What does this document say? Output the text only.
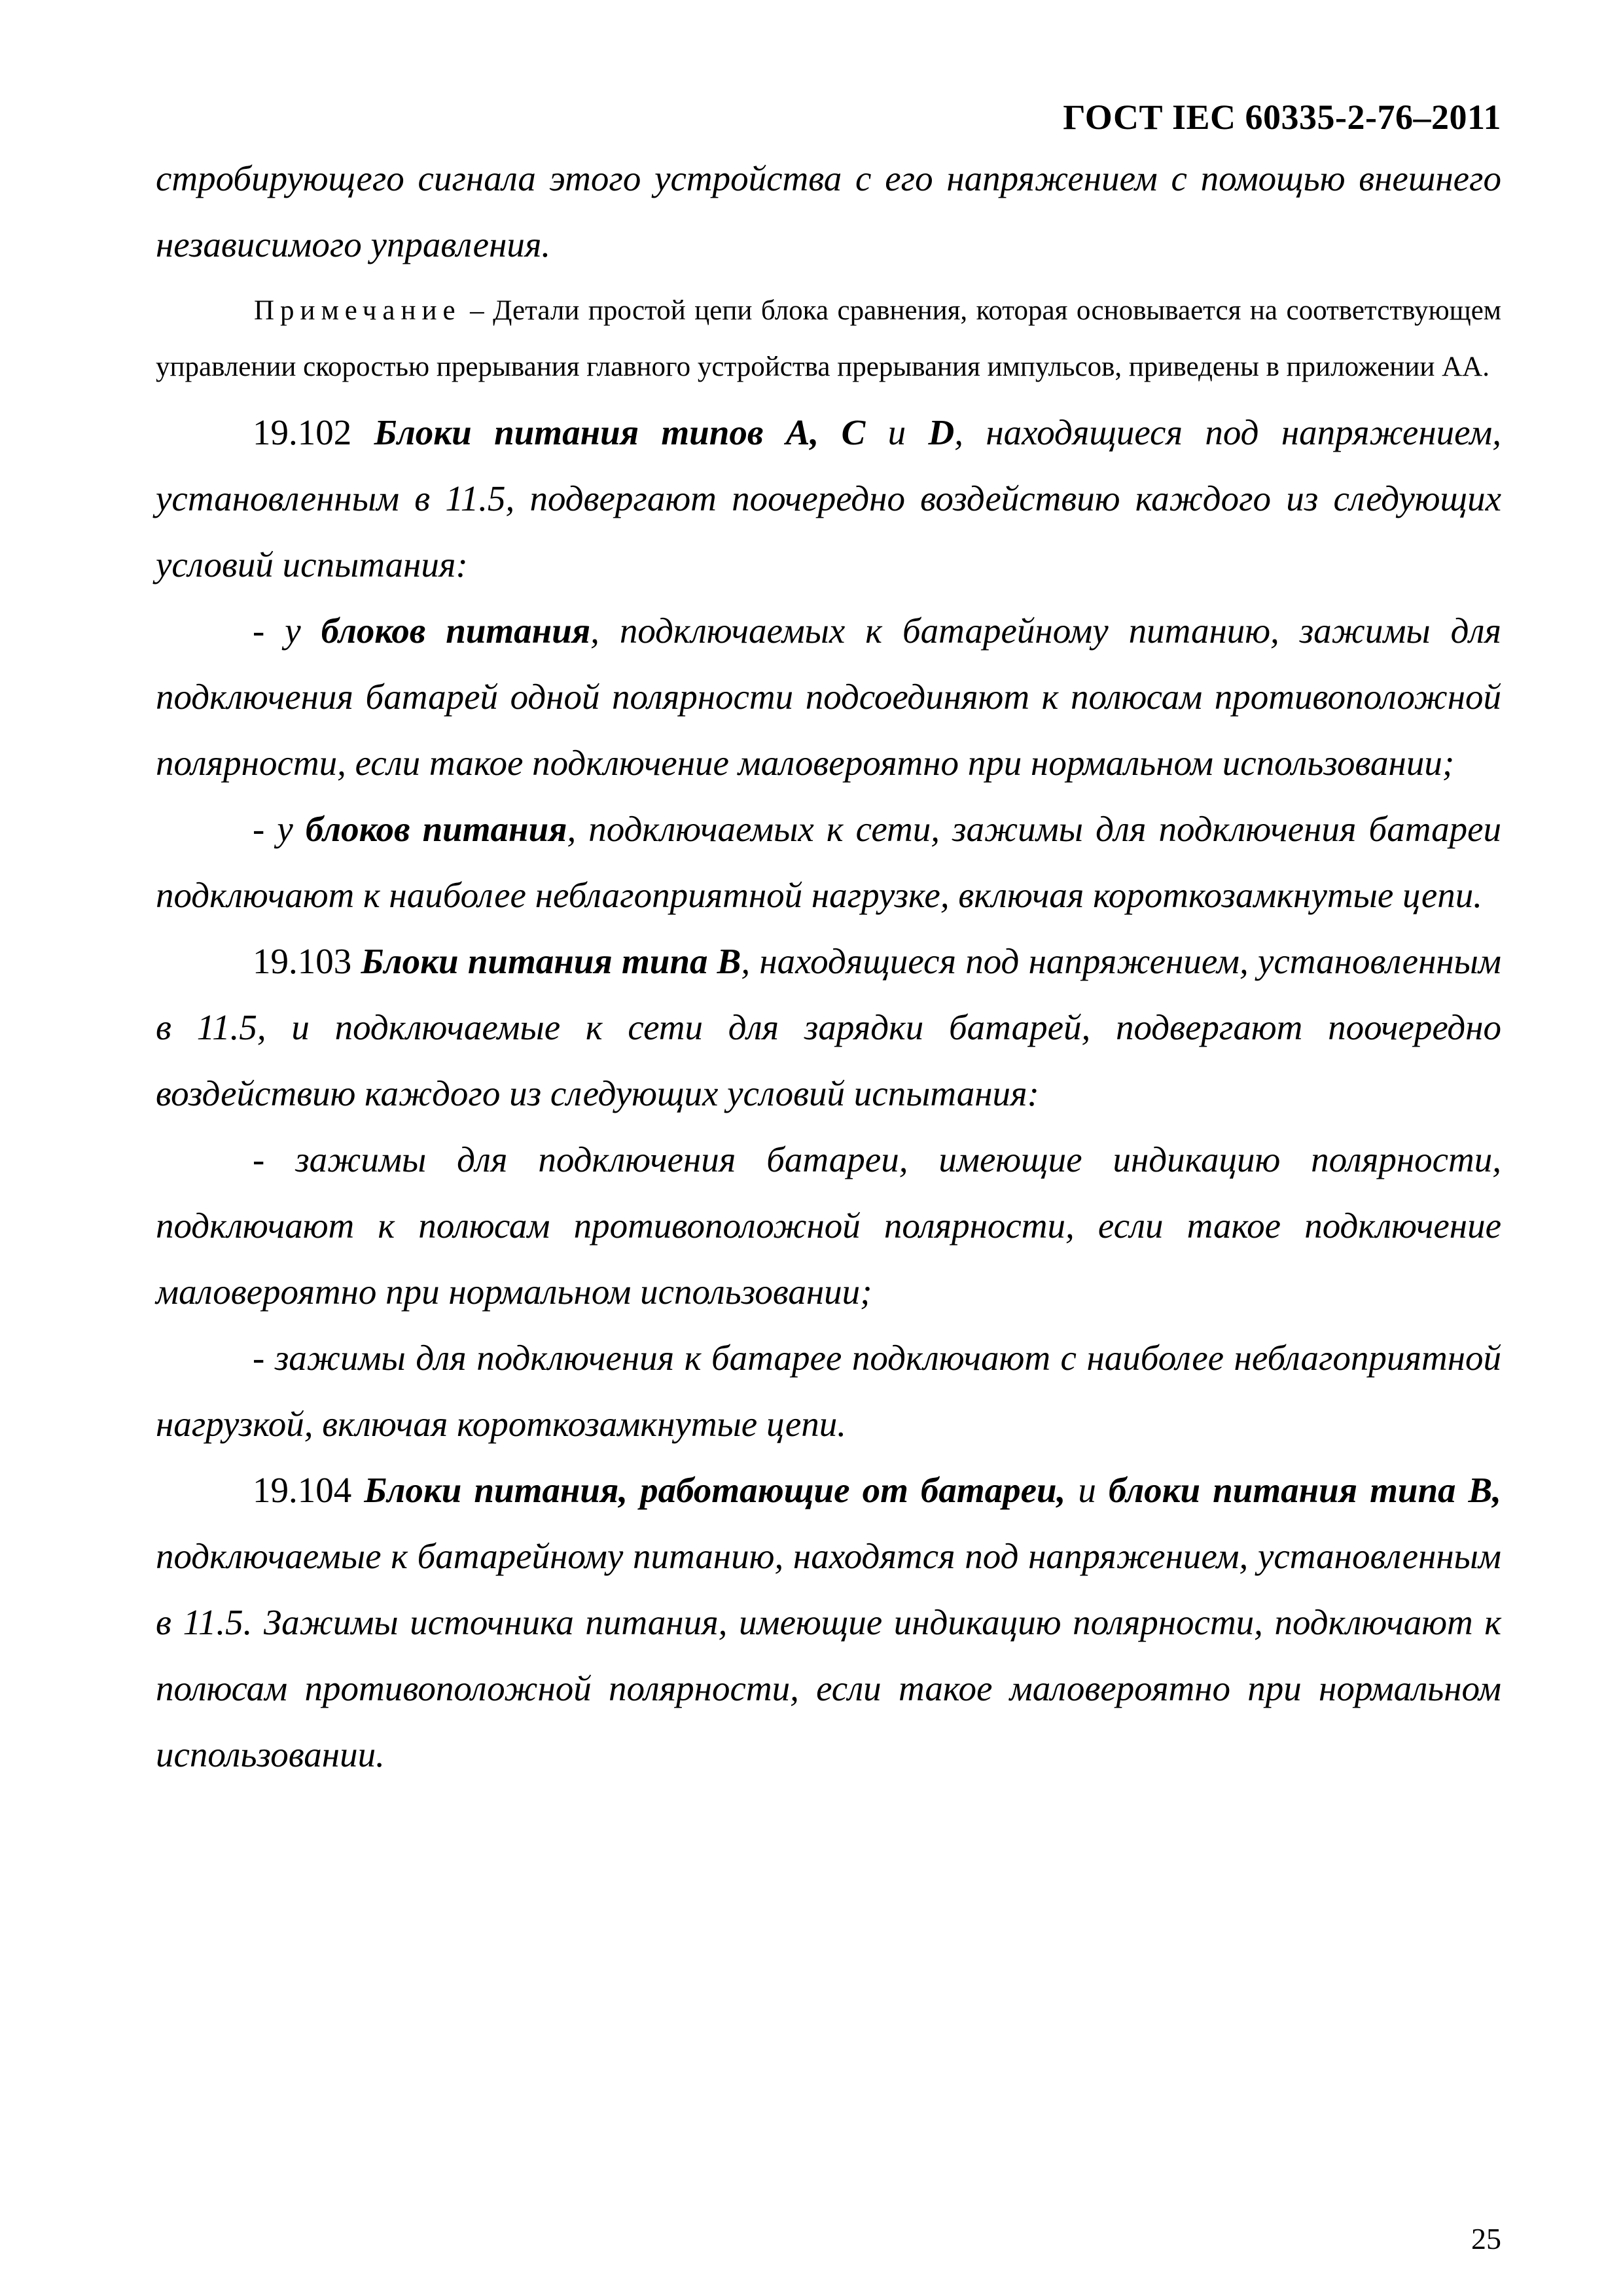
ГОСТ IEC 60335-2-76–2011

стробирующего сигнала этого устройства с его напряжением с помощью внешнего независимого управления.

Примечание – Детали простой цепи блока сравнения, которая основывается на соответствующем управлении скоростью прерывания главного устройства прерывания импульсов, приведены в приложении АА.

19.102 Блоки питания типов А, С и D, находящиеся под напряжением, установленным в 11.5, подвергают поочередно воздействию каждого из следующих условий испытания:

- у блоков питания, подключаемых к батарейному питанию, зажимы для подключения батарей одной полярности подсоединяют к полюсам противоположной полярности, если такое подключение маловероятно при нормальном использовании;

- у блоков питания, подключаемых к сети, зажимы для подключения батареи подключают к наиболее неблагоприятной нагрузке, включая короткозамкнутые цепи.

19.103 Блоки питания типа В, находящиеся под напряжением, установленным в 11.5, и подключаемые к сети для зарядки батарей, подвергают поочередно воздействию каждого из следующих условий испытания:

- зажимы для подключения батареи, имеющие индикацию полярности, подключают к полюсам противоположной полярности, если такое подключение маловероятно при нормальном использовании;

- зажимы для подключения к батарее подключают с наиболее неблагоприятной нагрузкой, включая короткозамкнутые цепи.

19.104 Блоки питания, работающие от батареи, и блоки питания типа В, подключаемые к батарейному питанию, находятся под напряжением, установленным в 11.5. Зажимы источника питания, имеющие индикацию полярности, подключают к полюсам противоположной полярности, если такое маловероятно при нормальном использовании.

25
